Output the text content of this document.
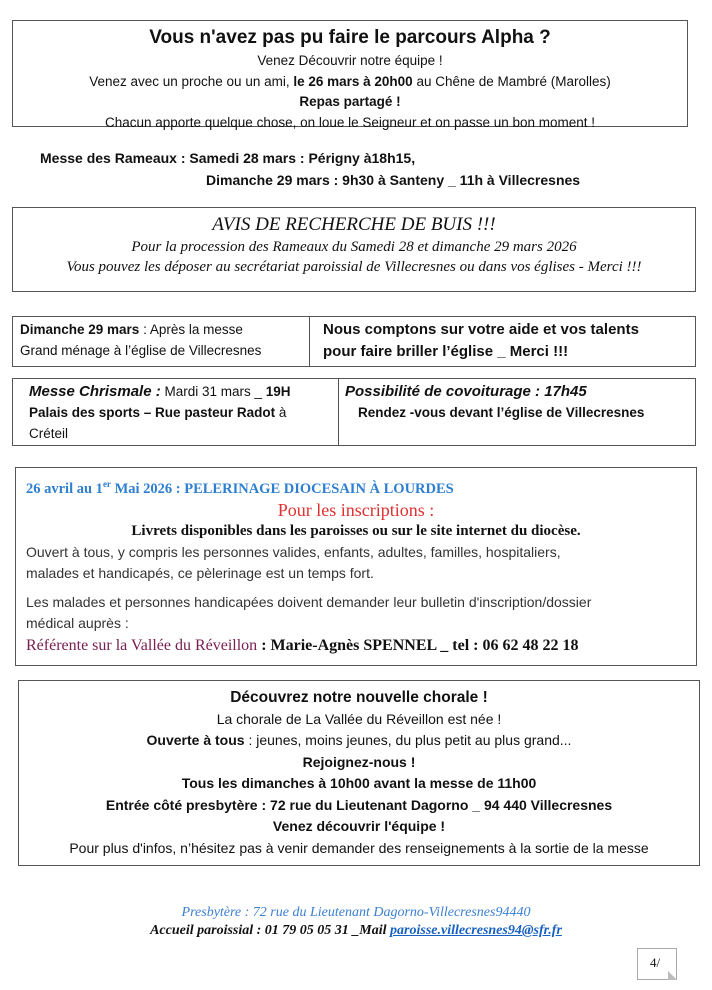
Vous n'avez pas pu faire le parcours Alpha ?
Venez Découvrir notre équipe !
Venez avec un proche ou un ami, le 26 mars à 20h00 au Chêne de Mambré (Marolles)
Repas partagé !
Chacun apporte quelque chose, on loue le Seigneur et on passe un bon moment !
Messe des Rameaux : Samedi 28 mars : Périgny à18h15,
Dimanche 29 mars : 9h30 à Santeny _ 11h à Villecresnes
AVIS DE RECHERCHE DE BUIS !!!
Pour la procession des Rameaux du Samedi 28 et dimanche 29 mars 2026
Vous pouvez les déposer au secrétariat paroissial de Villecresnes ou dans vos églises - Merci !!!
Dimanche 29 mars : Après la messe
Grand ménage à l’église de Villecresnes
Nous comptons sur votre aide et vos talents
pour faire briller l’église _ Merci !!!
Messe Chrismale : Mardi 31 mars _ 19H
Palais des sports – Rue pasteur Radot à
Créteil
Possibilité de covoiturage : 17h45
Rendez -vous devant l’église de Villecresnes
26 avril au 1er Mai 2026 : PELERINAGE DIOCESAIN À LOURDES
Pour les inscriptions :
Livrets disponibles dans les paroisses ou sur le site internet du diocèse.
Ouvert à tous, y compris les personnes valides, enfants, adultes, familles, hospitaliers,
malades et handicapés, ce pèlerinage est un temps fort.
Les malades et personnes handicapées doivent demander leur bulletin d'inscription/dossier
médical auprès :
Référente sur la Vallée du Réveillon : Marie-Agnès SPENNEL _ tel : 06 62 48 22 18
Découvrez notre nouvelle chorale !
La chorale de La Vallée du Réveillon est née !
Ouverte à tous : jeunes, moins jeunes, du plus petit au plus grand...
Rejoignez-nous !
Tous les dimanches à 10h00 avant la messe de 11h00
Entrée côté presbytère : 72 rue du Lieutenant Dagorno _ 94 440 Villecresnes
Venez découvrir l'équipe !
Pour plus d'infos, n’hésitez pas à venir demander des renseignements à la sortie de la messe
Presbytère : 72 rue du Lieutenant Dagorno-Villecresnes94440
Accueil paroissial : 01 79 05 05 31 _Mail paroisse.villecresnes94@sfr.fr
4/
